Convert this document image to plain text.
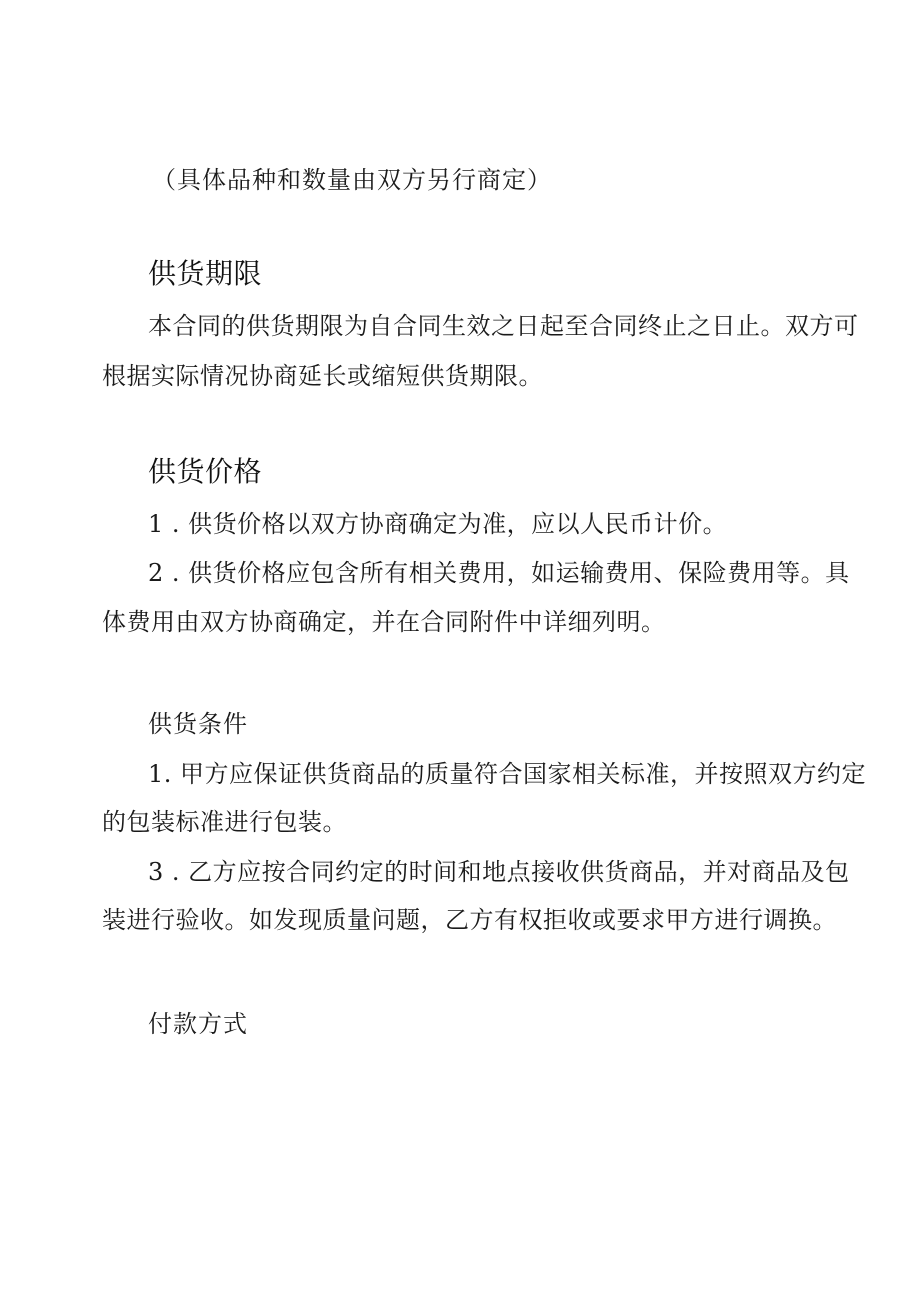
（具体品种和数量由双方另行商定）
供货期限
本合同的供货期限为自合同生效之日起至合同终止之日止。双方可
根据实际情况协商延长或缩短供货期限。
供货价格
1 . 供货价格以双方协商确定为准，应以人民币计价。
2 . 供货价格应包含所有相关费用，如运输费用、保险费用等。具
体费用由双方协商确定，并在合同附件中详细列明。
供货条件
1. 甲方应保证供货商品的质量符合国家相关标准，并按照双方约定
的包装标准进行包装。
3 . 乙方应按合同约定的时间和地点接收供货商品，并对商品及包
装进行验收。如发现质量问题，乙方有权拒收或要求甲方进行调换。
付款方式
